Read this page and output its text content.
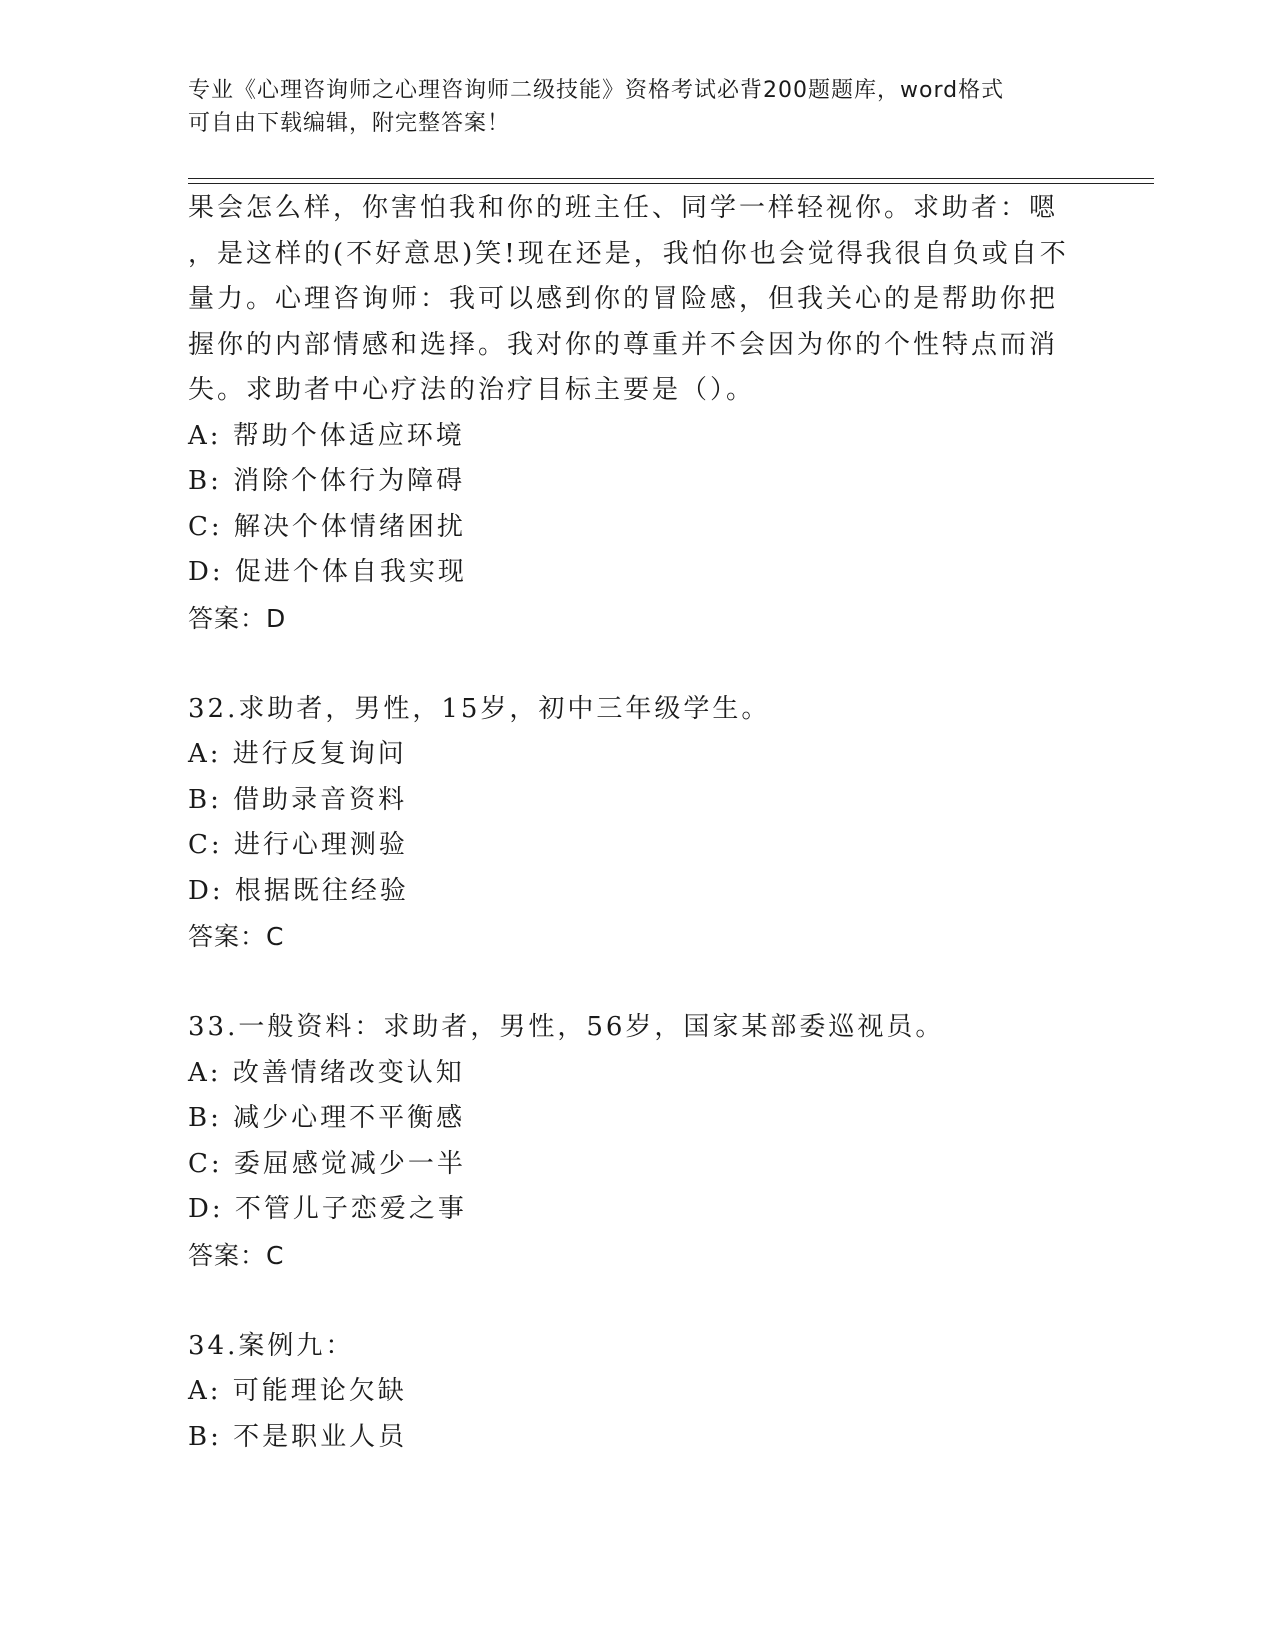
专业《心理咨询师之心理咨询师二级技能》资格考试必背200题题库，word格式
可自由下载编辑，附完整答案！
果会怎么样，你害怕我和你的班主任、同学一样轻视你。求助者：嗯
，是这样的(不好意思)笑!现在还是，我怕你也会觉得我很自负或自不
量力。心理咨询师：我可以感到你的冒险感，但我关心的是帮助你把
握你的内部情感和选择。我对你的尊重并不会因为你的个性特点而消
失。求助者中心疗法的治疗目标主要是（）。
A: 帮助个体适应环境
B: 消除个体行为障碍
C: 解决个体情绪困扰
D: 促进个体自我实现
答案：D
32.求助者，男性，15岁，初中三年级学生。
A: 进行反复询问
B: 借助录音资料
C: 进行心理测验
D: 根据既往经验
答案：C
33.一般资料：求助者，男性，56岁，国家某部委巡视员。
A: 改善情绪改变认知
B: 减少心理不平衡感
C: 委屈感觉减少一半
D: 不管儿子恋爱之事
答案：C
34.案例九：
A: 可能理论欠缺
B: 不是职业人员
